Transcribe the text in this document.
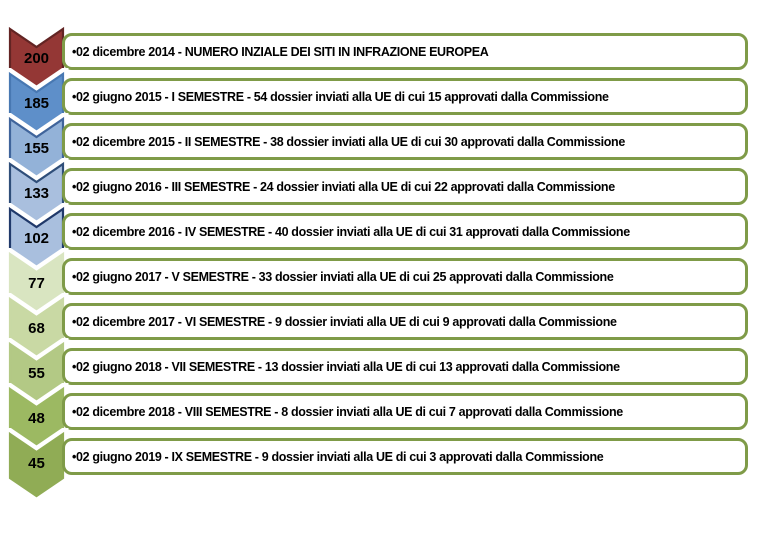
200	•02 dicembre 2014 - NUMERO INZIALE DEI SITI IN INFRAZIONE EUROPEA
185	•02 giugno 2015 - I SEMESTRE - 54 dossier inviati alla UE di cui 15 approvati dalla Commissione
155	•02 dicembre 2015 - II SEMESTRE - 38 dossier inviati alla UE di cui 30 approvati dalla Commissione
133	•02 giugno 2016 - III SEMESTRE - 24 dossier inviati alla UE di cui 22 approvati dalla Commissione
102	•02 dicembre 2016 - IV SEMESTRE - 40 dossier inviati alla UE di cui 31 approvati dalla Commissione
77	•02 giugno 2017 - V SEMESTRE - 33 dossier inviati alla UE di cui 25 approvati dalla Commissione
68	•02 dicembre 2017 - VI SEMESTRE - 9 dossier inviati alla UE di cui 9 approvati dalla Commissione
55	•02 giugno 2018 - VII SEMESTRE - 13 dossier inviati alla UE di cui 13 approvati dalla Commissione
48	•02 dicembre 2018 - VIII SEMESTRE - 8 dossier inviati alla UE di cui 7 approvati dalla Commissione
45	•02 giugno 2019 - IX SEMESTRE - 9 dossier inviati alla UE di cui 3 approvati dalla Commissione
